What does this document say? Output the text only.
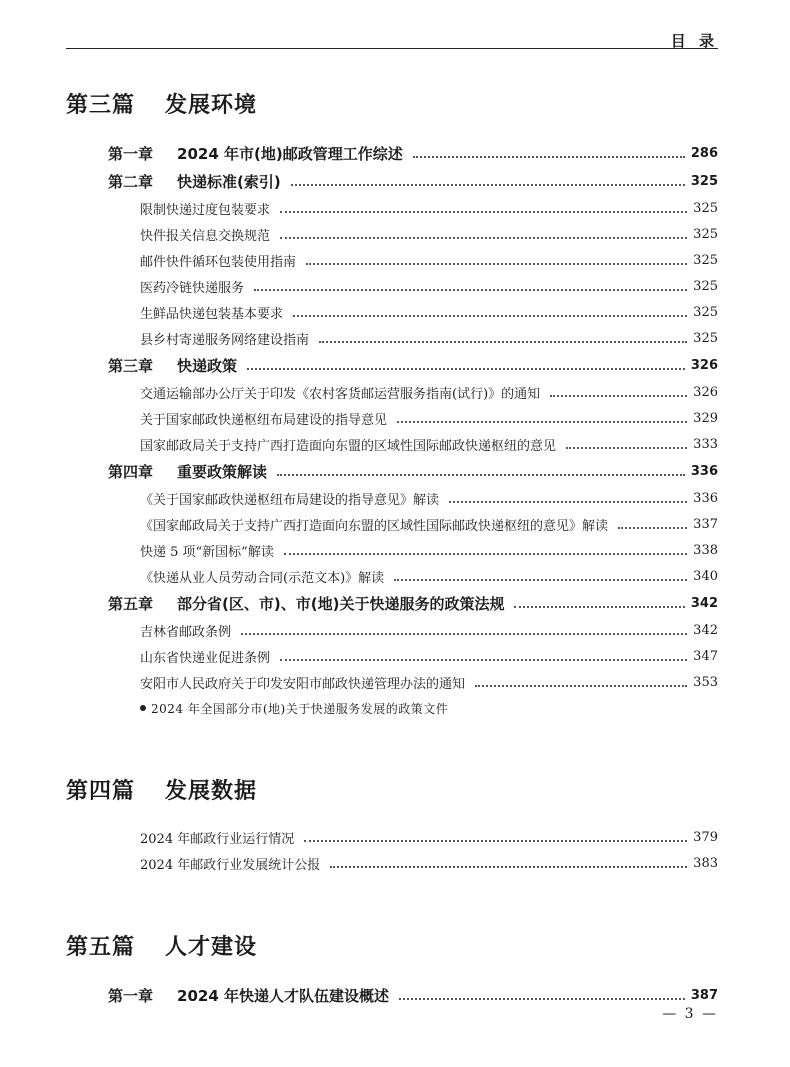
目 录
第三篇 发展环境
第一章 2024 年市(地)邮政管理工作综述	286
第二章 快递标准(索引)	325
限制快递过度包装要求	325
快件报关信息交换规范	325
邮件快件循环包装使用指南	325
医药冷链快递服务	325
生鲜品快递包装基本要求	325
县乡村寄递服务网络建设指南	325
第三章 快递政策	326
交通运输部办公厅关于印发《农村客货邮运营服务指南(试行)》的通知	326
关于国家邮政快递枢纽布局建设的指导意见	329
国家邮政局关于支持广西打造面向东盟的区域性国际邮政快递枢纽的意见	333
第四章 重要政策解读	336
《关于国家邮政快递枢纽布局建设的指导意见》解读	336
《国家邮政局关于支持广西打造面向东盟的区域性国际邮政快递枢纽的意见》解读	337
快递 5 项“新国标”解读	338
《快递从业人员劳动合同(示范文本)》解读	340
第五章 部分省(区、市)、市(地)关于快递服务的政策法规	342
吉林省邮政条例	342
山东省快递业促进条例	347
安阳市人民政府关于印发安阳市邮政快递管理办法的通知	353
2024 年全国部分市(地)关于快递服务发展的政策文件
第四篇 发展数据
2024 年邮政行业运行情况	379
2024 年邮政行业发展统计公报	383
第五篇 人才建设
第一章 2024 年快递人才队伍建设概述	387
— 3 —
